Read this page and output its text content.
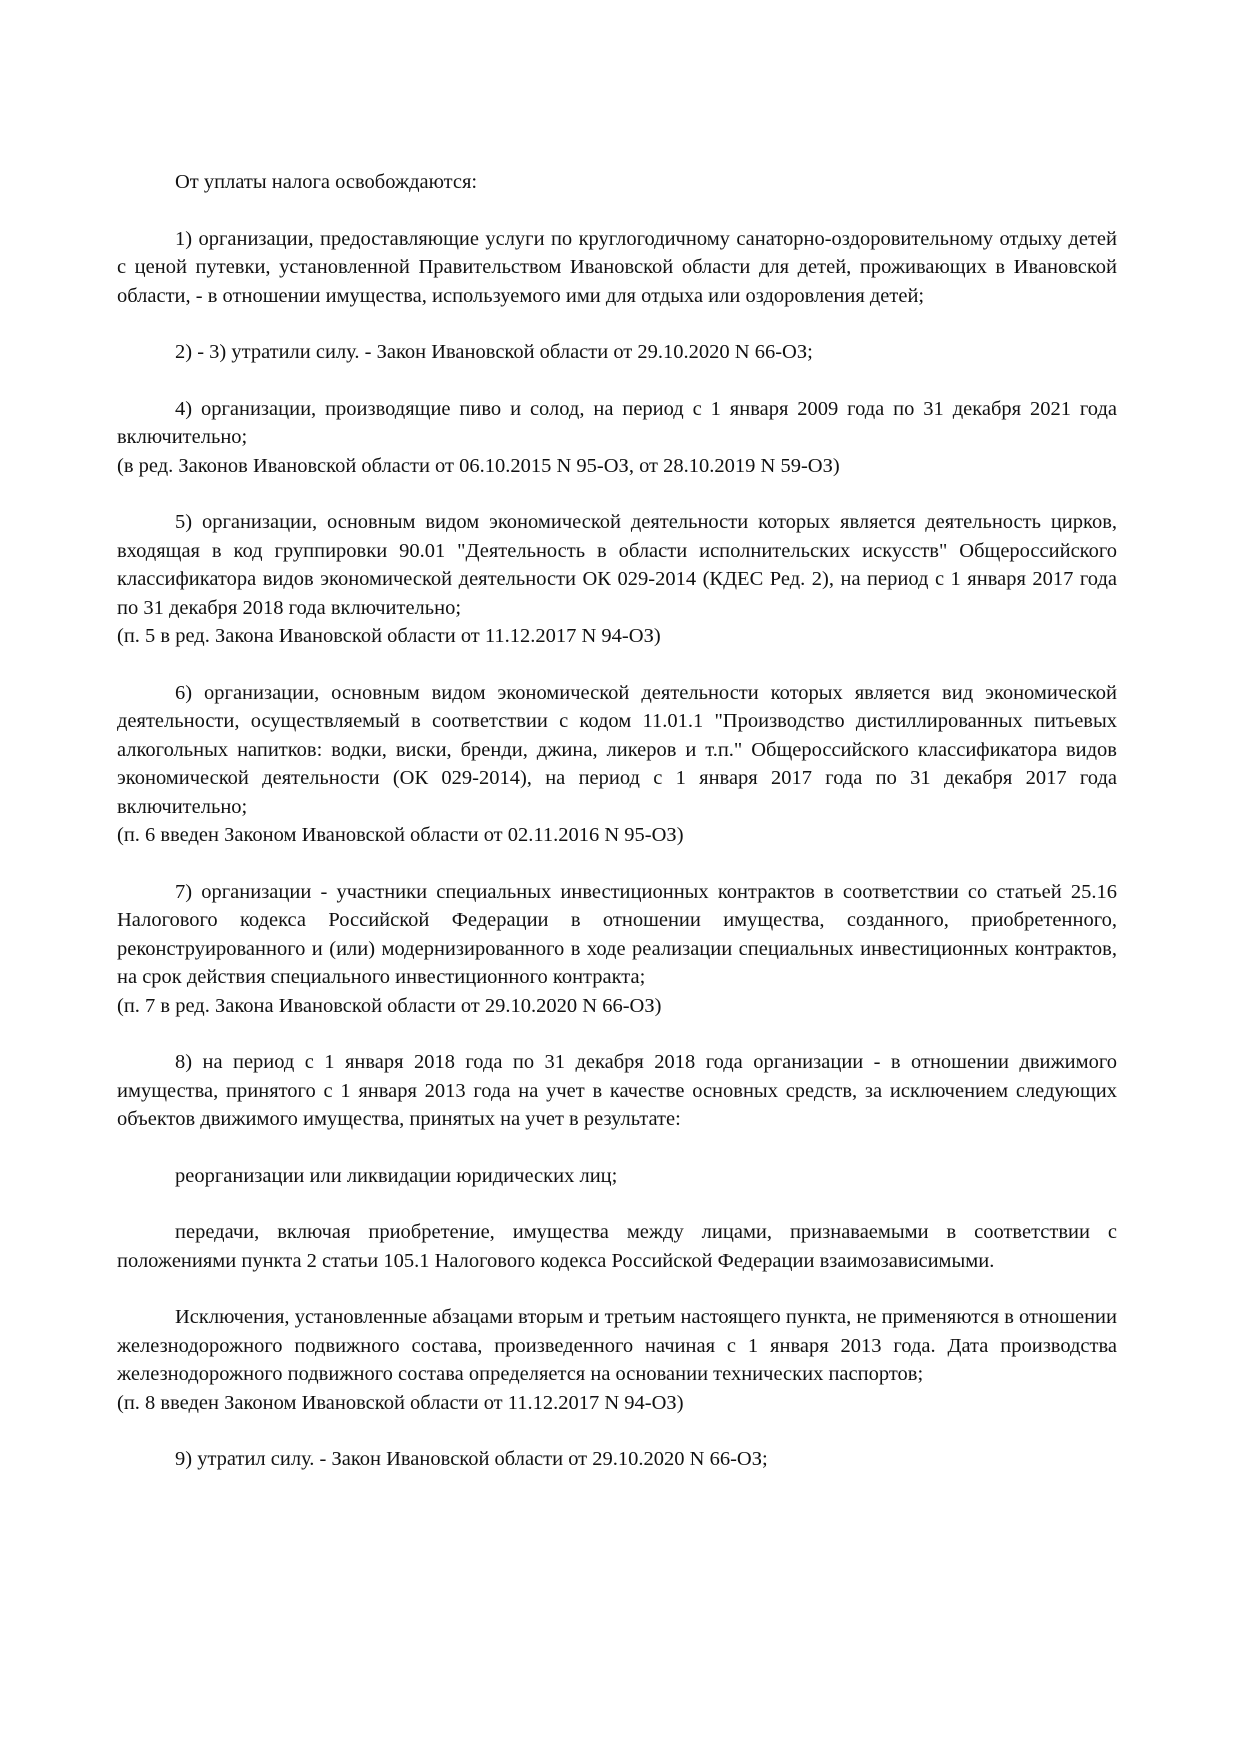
От уплаты налога освобождаются:

1) организации, предоставляющие услуги по круглогодичному санаторно-оздоровительному отдыху детей с ценой путевки, установленной Правительством Ивановской области для детей, проживающих в Ивановской области, - в отношении имущества, используемого ими для отдыха или оздоровления детей;
2) - 3) утратили силу. - Закон Ивановской области от 29.10.2020 N 66-ОЗ;
4) организации, производящие пиво и солод, на период с 1 января 2009 года по 31 декабря 2021 года включительно;
(в ред. Законов Ивановской области от 06.10.2015 N 95-ОЗ, от 28.10.2019 N 59-ОЗ)
5) организации, основным видом экономической деятельности которых является деятельность цирков, входящая в код группировки 90.01 "Деятельность в области исполнительских искусств" Общероссийского классификатора видов экономической деятельности ОК 029-2014 (КДЕС Ред. 2), на период с 1 января 2017 года по 31 декабря 2018 года включительно;
(п. 5 в ред. Закона Ивановской области от 11.12.2017 N 94-ОЗ)
6) организации, основным видом экономической деятельности которых является вид экономической деятельности, осуществляемый в соответствии с кодом 11.01.1 "Производство дистиллированных питьевых алкогольных напитков: водки, виски, бренди, джина, ликеров и т.п." Общероссийского классификатора видов экономической деятельности (ОК 029-2014), на период с 1 января 2017 года по 31 декабря 2017 года включительно;
(п. 6 введен Законом Ивановской области от 02.11.2016 N 95-ОЗ)
7) организации - участники специальных инвестиционных контрактов в соответствии со статьей 25.16 Налогового кодекса Российской Федерации в отношении имущества, созданного, приобретенного, реконструированного и (или) модернизированного в ходе реализации специальных инвестиционных контрактов, на срок действия специального инвестиционного контракта;
(п. 7 в ред. Закона Ивановской области от 29.10.2020 N 66-ОЗ)
8) на период с 1 января 2018 года по 31 декабря 2018 года организации - в отношении движимого имущества, принятого с 1 января 2013 года на учет в качестве основных средств, за исключением следующих объектов движимого имущества, принятых на учет в результате:
реорганизации или ликвидации юридических лиц;
передачи, включая приобретение, имущества между лицами, признаваемыми в соответствии с положениями пункта 2 статьи 105.1 Налогового кодекса Российской Федерации взаимозависимыми.
Исключения, установленные абзацами вторым и третьим настоящего пункта, не применяются в отношении железнодорожного подвижного состава, произведенного начиная с 1 января 2013 года. Дата производства железнодорожного подвижного состава определяется на основании технических паспортов;
(п. 8 введен Законом Ивановской области от 11.12.2017 N 94-ОЗ)
9) утратил силу. - Закон Ивановской области от 29.10.2020 N 66-ОЗ;
